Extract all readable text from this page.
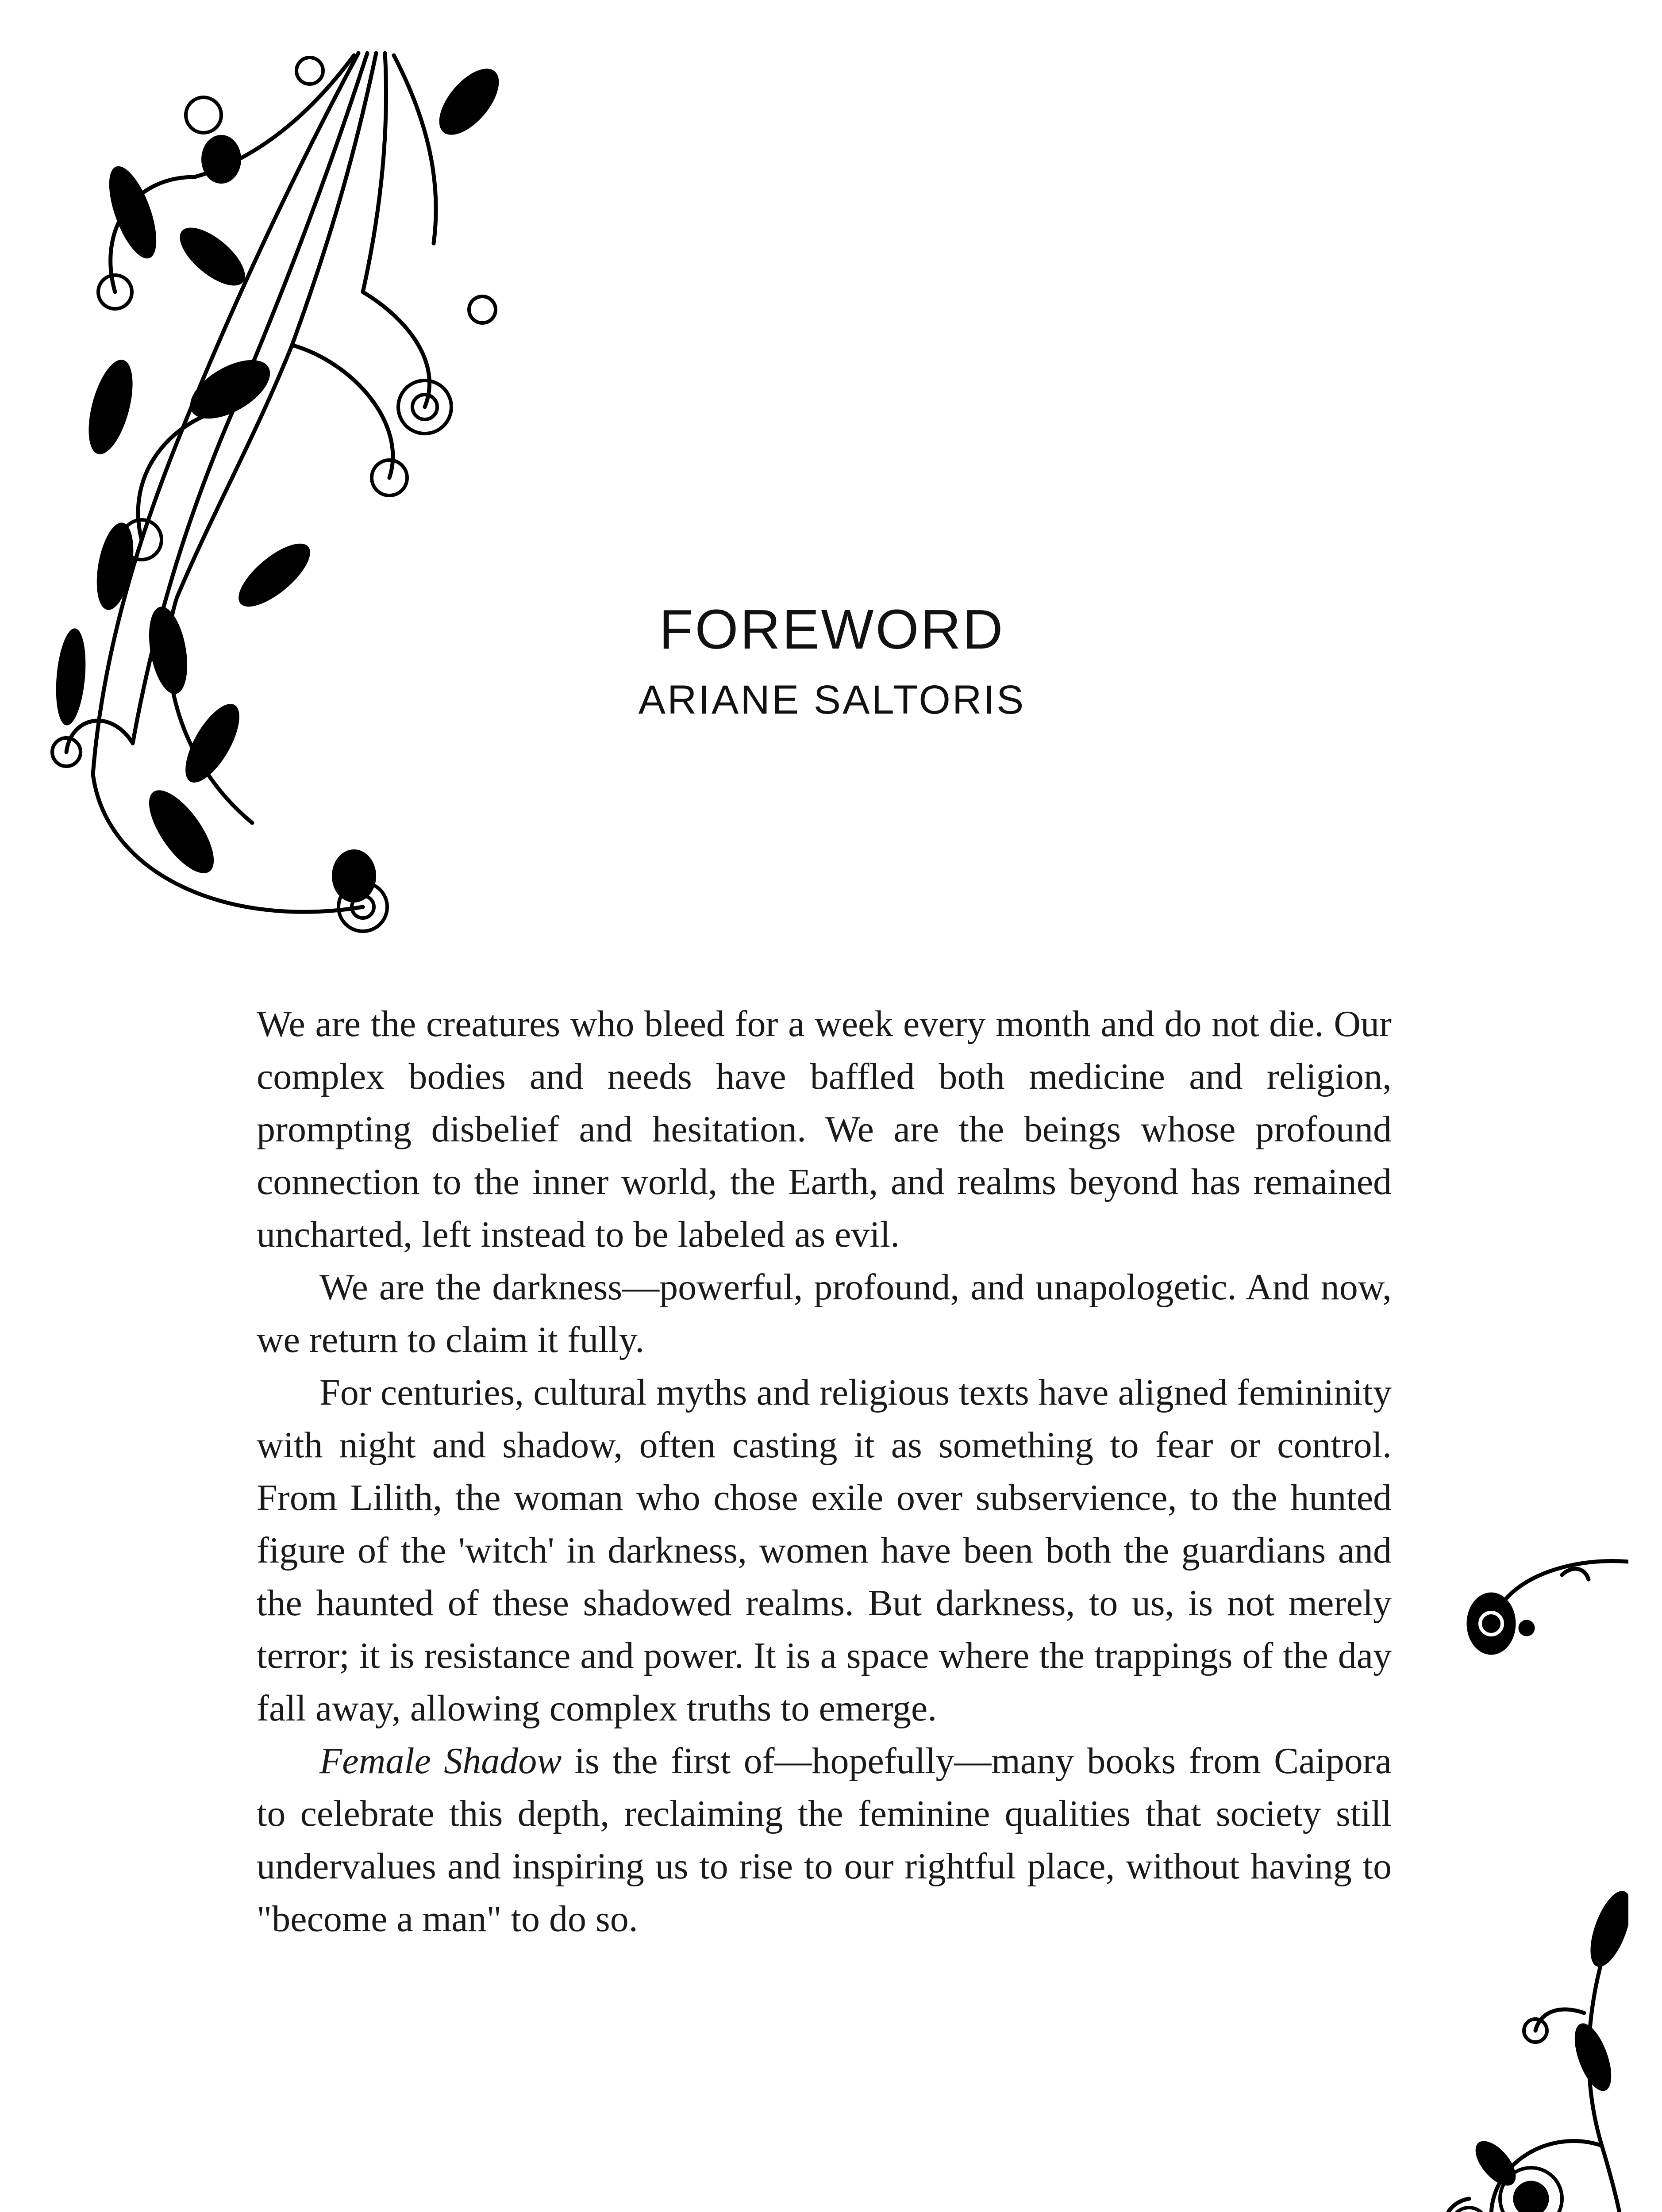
FOREWORD
ARIANE SALTORIS

We are the creatures who bleed for a week every month and do not die. Our complex bodies and needs have baffled both medicine and religion, prompting disbelief and hesitation. We are the beings whose profound connection to the inner world, the Earth, and realms beyond has remained uncharted, left instead to be labeled as evil.

We are the darkness—powerful, profound, and unapologetic. And now, we return to claim it fully.

For centuries, cultural myths and religious texts have aligned femininity with night and shadow, often casting it as something to fear or control. From Lilith, the woman who chose exile over subservience, to the hunted figure of the 'witch' in darkness, women have been both the guardians and the haunted of these shadowed realms. But darkness, to us, is not merely terror; it is resistance and power. It is a space where the trappings of the day fall away, allowing complex truths to emerge.

Female Shadow is the first of—hopefully—many books from Caipora to celebrate this depth, reclaiming the feminine qualities that society still undervalues and inspiring us to rise to our rightful place, without having to "become a man" to do so.
